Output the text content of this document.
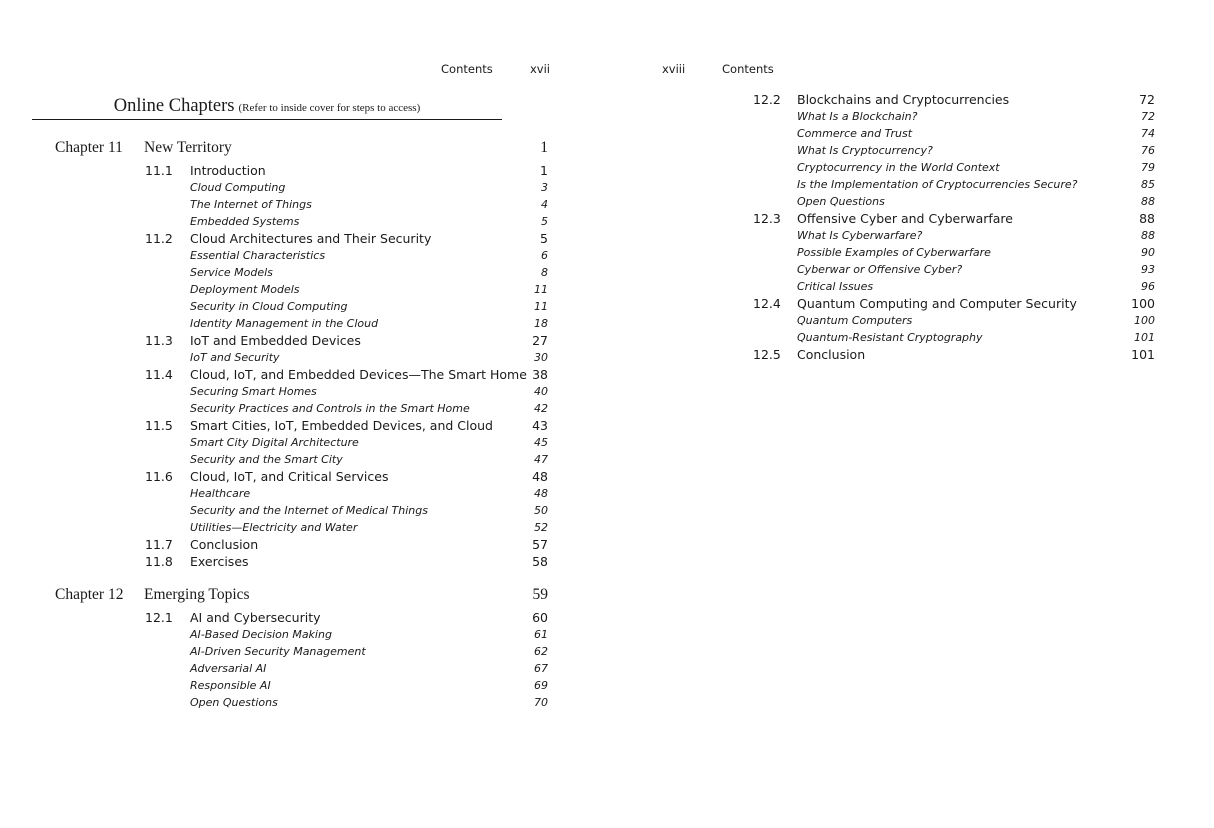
Contents	xvii
Online Chapters (Refer to inside cover for steps to access)
Chapter 11 New Territory	1
11.1 Introduction	1
Cloud Computing	3
The Internet of Things	4
Embedded Systems	5
11.2 Cloud Architectures and Their Security	5
Essential Characteristics	6
Service Models	8
Deployment Models	11
Security in Cloud Computing	11
Identity Management in the Cloud	18
11.3 IoT and Embedded Devices	27
IoT and Security	30
11.4 Cloud, IoT, and Embedded Devices—The Smart Home 38
Securing Smart Homes	40
Security Practices and Controls in the Smart Home	42
11.5 Smart Cities, IoT, Embedded Devices, and Cloud	43
Smart City Digital Architecture	45
Security and the Smart City	47
11.6 Cloud, IoT, and Critical Services	48
Healthcare	48
Security and the Internet of Medical Things	50
Utilities—Electricity and Water	52
11.7 Conclusion	57
11.8 Exercises	58
Chapter 12 Emerging Topics	59
12.1 AI and Cybersecurity	60
AI-Based Decision Making	61
AI-Driven Security Management	62
Adversarial AI	67
Responsible AI	69
Open Questions	70
xviii	Contents
12.2 Blockchains and Cryptocurrencies	72
What Is a Blockchain?	72
Commerce and Trust	74
What Is Cryptocurrency?	76
Cryptocurrency in the World Context	79
Is the Implementation of Cryptocurrencies Secure?	85
Open Questions	88
12.3 Offensive Cyber and Cyberwarfare	88
What Is Cyberwarfare?	88
Possible Examples of Cyberwarfare	90
Cyberwar or Offensive Cyber?	93
Critical Issues	96
12.4 Quantum Computing and Computer Security	100
Quantum Computers	100
Quantum-Resistant Cryptography	101
12.5 Conclusion	101
